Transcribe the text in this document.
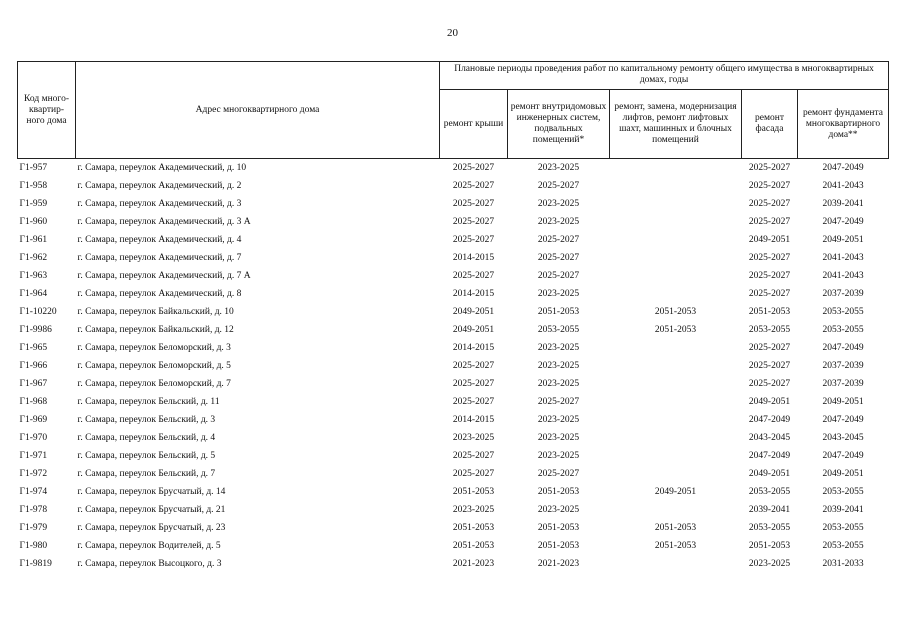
20
Код много-квартир-ного дома	Адрес многоквартирного дома	Плановые периоды проведения работ по капитальному ремонту общего имущества в многоквартирных домах, годы				
		ремонт крыши	ремонт внутридомовых инженерных систем, подвальных помещений*	ремонт, замена, модернизация лифтов, ремонт лифтовых шахт, машинных и блочных помещений	ремонт фасада	ремонт фундамента многоквартирного дома**
Г1-957	г. Самара, переулок Академический, д. 10	2025-2027	2023-2025		2025-2027	2047-2049
Г1-958	г. Самара, переулок Академический, д. 2	2025-2027	2025-2027		2025-2027	2041-2043
Г1-959	г. Самара, переулок Академический, д. 3	2025-2027	2023-2025		2025-2027	2039-2041
Г1-960	г. Самара, переулок Академический, д. 3 А	2025-2027	2023-2025		2025-2027	2047-2049
Г1-961	г. Самара, переулок Академический, д. 4	2025-2027	2025-2027		2049-2051	2049-2051
Г1-962	г. Самара, переулок Академический, д. 7	2014-2015	2025-2027		2025-2027	2041-2043
Г1-963	г. Самара, переулок Академический, д. 7 А	2025-2027	2025-2027		2025-2027	2041-2043
Г1-964	г. Самара, переулок Академический, д. 8	2014-2015	2023-2025		2025-2027	2037-2039
Г1-10220	г. Самара, переулок Байкальский, д. 10	2049-2051	2051-2053	2051-2053	2051-2053	2053-2055
Г1-9986	г. Самара, переулок Байкальский, д. 12	2049-2051	2053-2055	2051-2053	2053-2055	2053-2055
Г1-965	г. Самара, переулок Беломорский, д. 3	2014-2015	2023-2025		2025-2027	2047-2049
Г1-966	г. Самара, переулок Беломорский, д. 5	2025-2027	2023-2025		2025-2027	2037-2039
Г1-967	г. Самара, переулок Беломорский, д. 7	2025-2027	2023-2025		2025-2027	2037-2039
Г1-968	г. Самара, переулок Бельский, д. 11	2025-2027	2025-2027		2049-2051	2049-2051
Г1-969	г. Самара, переулок Бельский, д. 3	2014-2015	2023-2025		2047-2049	2047-2049
Г1-970	г. Самара, переулок Бельский, д. 4	2023-2025	2023-2025		2043-2045	2043-2045
Г1-971	г. Самара, переулок Бельский, д. 5	2025-2027	2023-2025		2047-2049	2047-2049
Г1-972	г. Самара, переулок Бельский, д. 7	2025-2027	2025-2027		2049-2051	2049-2051
Г1-974	г. Самара, переулок Брусчатый, д. 14	2051-2053	2051-2053	2049-2051	2053-2055	2053-2055
Г1-978	г. Самара, переулок Брусчатый, д. 21	2023-2025	2023-2025		2039-2041	2039-2041
Г1-979	г. Самара, переулок Брусчатый, д. 23	2051-2053	2051-2053	2051-2053	2053-2055	2053-2055
Г1-980	г. Самара, переулок Водителей, д. 5	2051-2053	2051-2053	2051-2053	2051-2053	2053-2055
Г1-9819	г. Самара, переулок Высоцкого, д. 3	2021-2023	2021-2023		2023-2025	2031-2033
